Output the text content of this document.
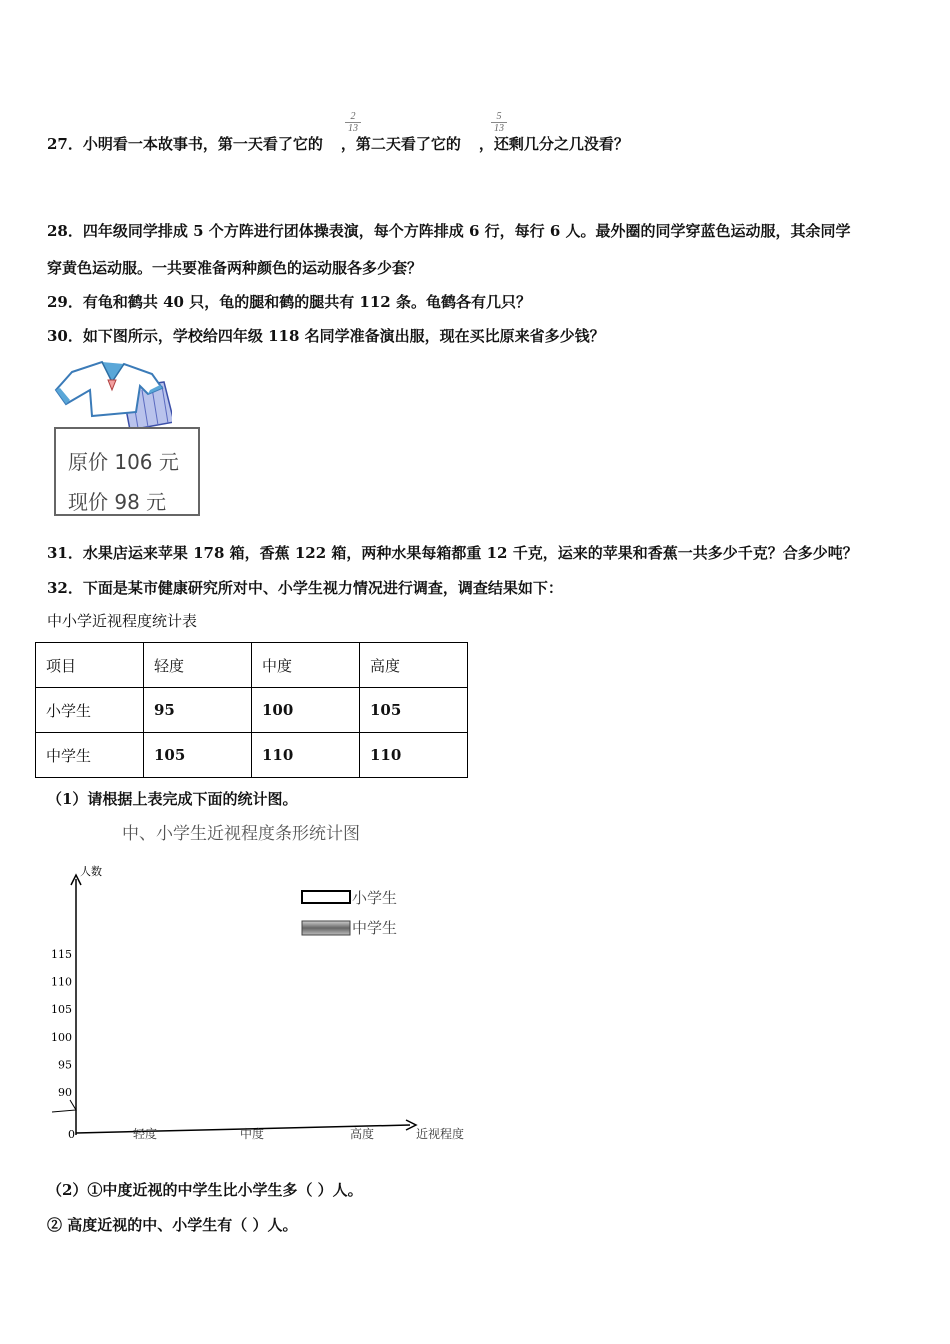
27．小明看一本故事书，第一天看了它的 ，第二天看了它的 ，还剩几分之几没看？
$\frac{2}{13}$	$\frac{5}{13}$
28．四年级同学排成 5 个方阵进行团体操表演，每个方阵排成 6 行，每行 6 人。最外圈的同学穿蓝色运动服，其余同学
穿黄色运动服。一共要准备两种颜色的运动服各多少套？
29．有龟和鹤共 40 只，龟的腿和鹤的腿共有 112 条。龟鹤各有几只？
30．如下图所示，学校给四年级 118 名同学准备演出服，现在买比原来省多少钱？
原价 106 元
现价 98 元
31．水果店运来苹果 178 箱，香蕉 122 箱，两种水果每箱都重 12 千克，运来的苹果和香蕉一共多少千克？合多少吨？
32．下面是某市健康研究所对中、小学生视力情况进行调查，调查结果如下：
中小学近视程度统计表
项目	轻度	中度	高度
小学生	95	100	105
中学生	105	110	110
（1）请根据上表完成下面的统计图。
中、小学生近视程度条形统计图
人数
近视程度
0
90
95
100
105
110
115
轻度	中度	高度
小学生
中学生
（2）①中度近视的中学生比小学生多（ ）人。
② 高度近视的中、小学生有（ ）人。
